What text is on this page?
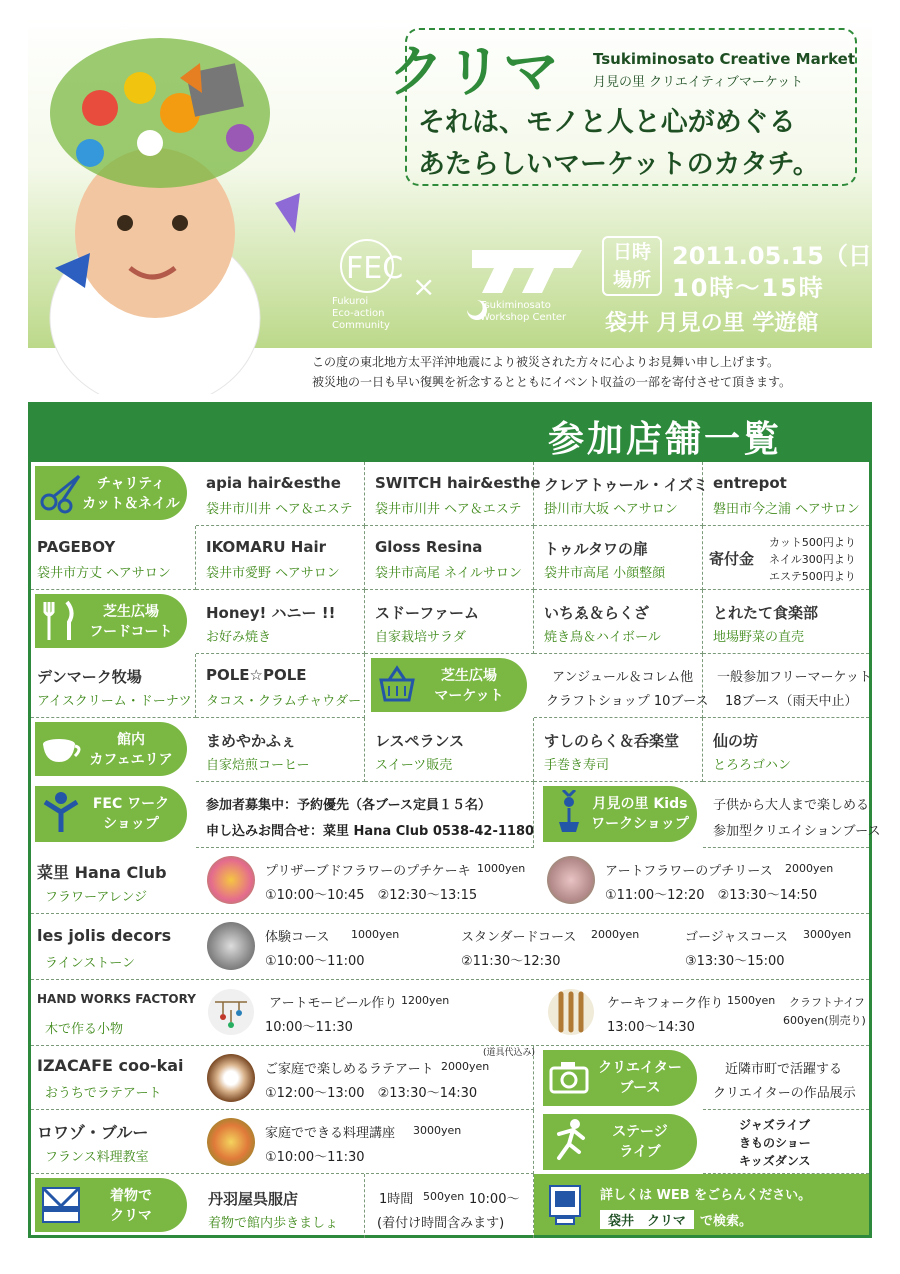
クリマ Tsukiminosato Creative Market
月見の里 クリエイティブマーケット
それは、モノと人と心がめぐる
あたらしいマーケットのカタチ。
FEC
Fukuroi
Eco-action
Community
×
Tsukiminosato
Workshop Center
日時
場所
2011.05.15（日）
10時～15時
袋井 月見の里 学遊館
この度の東北地方太平洋沖地震により被災された方々に心よりお見舞い申し上げます。
被災地の一日も早い復興を祈念するとともにイベント収益の一部を寄付させて頂きます。
参加店舗一覧
チャリティ
カット＆ネイル
apia hair&esthe
袋井市川井 ヘア＆エステ
SWITCH hair&esthe
袋井市川井 ヘア＆エステ
クレアトゥール・イズミ
掛川市大坂 ヘアサロン
entrepot
磐田市今之浦 ヘアサロン
PAGEBOY
袋井市方丈 ヘアサロン
IKOMARU Hair
袋井市愛野 ヘアサロン
Gloss Resina
袋井市高尾 ネイルサロン
トゥルタワの扉
袋井市高尾 小顔整顔
寄付金
カット500円より
ネイル300円より
エステ500円より
芝生広場
フードコート
Honey! ハニー !!
お好み焼き
スドーファーム
自家栽培サラダ
いちゑ＆らくざ
焼き鳥＆ハイボール
とれたて食楽部
地場野菜の直売
デンマーク牧場
アイスクリーム・ドーナツ
POLE☆POLE
タコス・クラムチャウダー
芝生広場
マーケット
アンジュール＆コレム他
クラフトショップ 10ブース
一般参加フリーマーケット
18ブース（雨天中止）
館内
カフェエリア
まめやかふぇ
自家焙煎コーヒー
レスペランス
スイーツ販売
すしのらく＆呑楽堂
手巻き寿司
仙の坊
とろろゴハン
FEC ワーク
ショップ
参加者募集中：予約優先（各ブース定員１５名）
申し込みお問合せ：菜里 Hana Club 0538-42-1180
月見の里 Kids
ワークショップ
子供から大人まで楽しめる
参加型クリエイションブース
菜里 Hana Club
フラワーアレンジ
プリザーブドフラワーのプチケーキ 1000yen
①10:00～10:45　②12:30～13:15
アートフラワーのプチリース 2000yen
①11:00～12:20　②13:30～14:50
les jolis decors
ラインストーン
体験コース 1000yen
①10:00～11:00
スタンダードコース 2000yen
②11:30～12:30
ゴージャスコース 3000yen
③13:30～15:00
HAND WORKS FACTORY
木で作る小物
アートモービール作り 1200yen
10:00～11:30
ケーキフォーク作り 1500yen クラフトナイフ
13:00～14:30	600yen(別売り)
IZACAFE coo-kai
おうちでラテアート
ご家庭で楽しめるラテアート 2000yen
(道具代込み)
①12:00～13:00　②13:30～14:30
クリエイター
ブース
近隣市町で活躍する
クリエイターの作品展示
ロワゾ・ブルー
フランス料理教室
家庭でできる料理講座 3000yen
①10:00～11:30
ステージ
ライブ
ジャズライブ
きものショー
キッズダンス
着物で
クリマ
丹羽屋呉服店
着物で館内歩きましょ
1時間 500yen 10:00～
(着付け時間含みます)
詳しくは WEB をごらんください。
袋井　クリマ	で検索。
